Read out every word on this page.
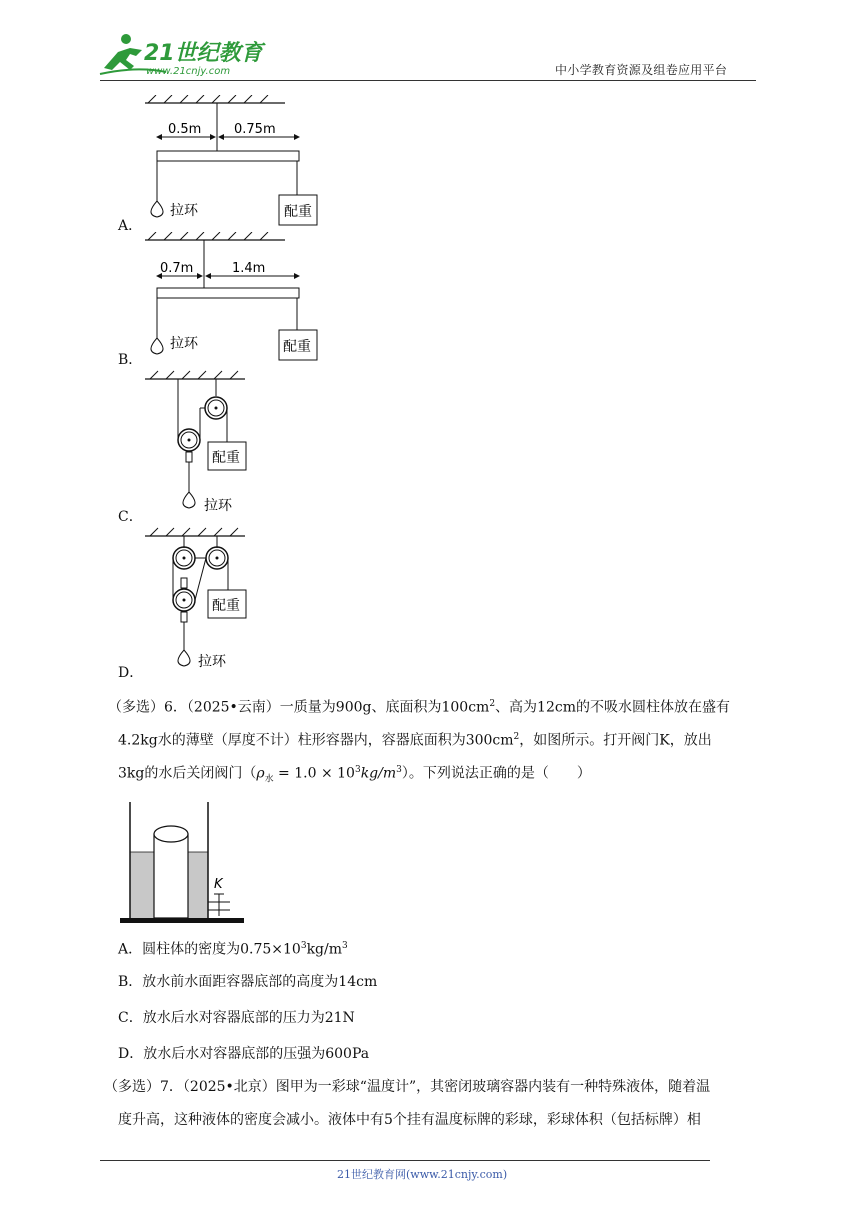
21世纪教育
www.21cnjy.com	中小学教育资源及组卷应用平台
0.5m	0.75m
拉环	配重
A．
0.7m	1.4m
拉环	配重
B．
配重
拉环
C．
配重
拉环
D．
（多选）6．（2025•云南）一质量为900g、底面积为$100cm^2$、高为12cm的不吸水圆柱体放在盛有
4.2kg水的薄壁（厚度不计）柱形容器内，容器底面积为$300cm^2$，如图所示。打开阀门K，放出
3kg的水后关闭阀门$(\rho_水 = 1.0 \times 10^3kg/m^3)$。下列说法正确的是（　　）
K
A．圆柱体的密度为$0.75\times 10^3kg/m^3$
B．放水前水面距容器底部的高度为14cm
C．放水后水对容器底部的压力为21N
D．放水后水对容器底部的压强为600Pa
（多选）7．（2025•北京）图甲为一彩球“温度计”，其密闭玻璃容器内装有一种特殊液体，随着温
度升高，这种液体的密度会减小。液体中有5个挂有温度标牌的彩球，彩球体积（包括标牌）相
21世纪教育网(www.21cnjy.com)
